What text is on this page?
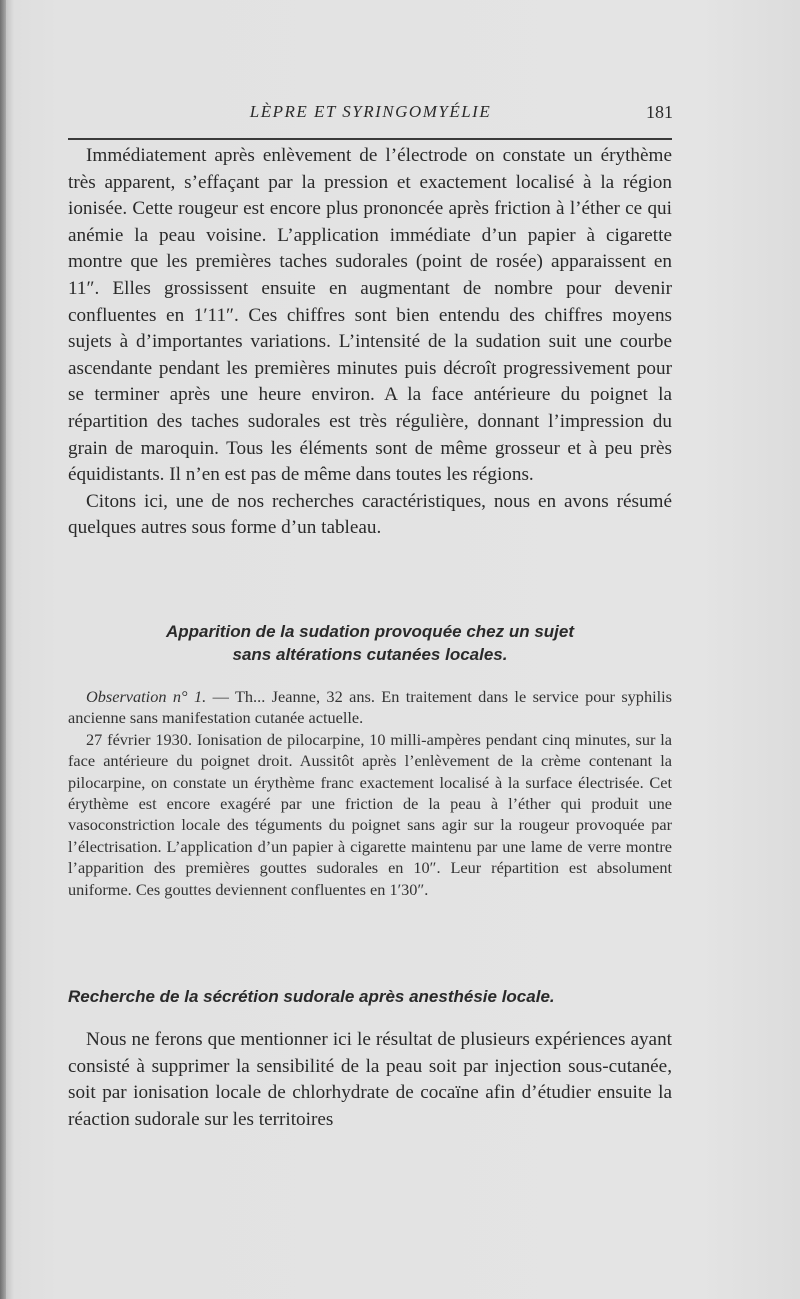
LÈPRE ET SYRINGOMYÉLIE	181

Immédiatement après enlèvement de l’électrode on constate un érythème très apparent, s’effaçant par la pression et exactement localisé à la région ionisée. Cette rougeur est encore plus prononcée après friction à l’éther ce qui anémie la peau voisine. L’application immédiate d’un papier à cigarette montre que les premières taches sudorales (point de rosée) apparaissent en 11″. Elles grossissent ensuite en augmentant de nombre pour devenir confluentes en 1′11″. Ces chiffres sont bien entendu des chiffres moyens sujets à d’importantes variations. L’intensité de la sudation suit une courbe ascendante pendant les premières minutes puis décroît progressivement pour se terminer après une heure environ. A la face antérieure du poignet la répartition des taches sudorales est très régulière, donnant l’impression du grain de maroquin. Tous les éléments sont de même grosseur et à peu près équidistants. Il n’en est pas de même dans toutes les régions.

Citons ici, une de nos recherches caractéristiques, nous en avons résumé quelques autres sous forme d’un tableau.

Apparition de la sudation provoquée chez un sujet
sans altérations cutanées locales.

Observation n° 1. — Th... Jeanne, 32 ans. En traitement dans le service pour syphilis ancienne sans manifestation cutanée actuelle.

27 février 1930. Ionisation de pilocarpine, 10 milli-ampères pendant cinq minutes, sur la face antérieure du poignet droit. Aussitôt après l’enlèvement de la crème contenant la pilocarpine, on constate un érythème franc exactement localisé à la surface électrisée. Cet érythème est encore exagéré par une friction de la peau à l’éther qui produit une vasoconstriction locale des téguments du poignet sans agir sur la rougeur provoquée par l’électrisation. L’application d’un papier à cigarette maintenu par une lame de verre montre l’apparition des premières gouttes sudorales en 10″. Leur répartition est absolument uniforme. Ces gouttes deviennent confluentes en 1′30″.

Recherche de la sécrétion sudorale après anesthésie locale.

Nous ne ferons que mentionner ici le résultat de plusieurs expériences ayant consisté à supprimer la sensibilité de la peau soit par injection sous-cutanée, soit par ionisation locale de chlorhydrate de cocaïne afin d’étudier ensuite la réaction sudorale sur les territoires
